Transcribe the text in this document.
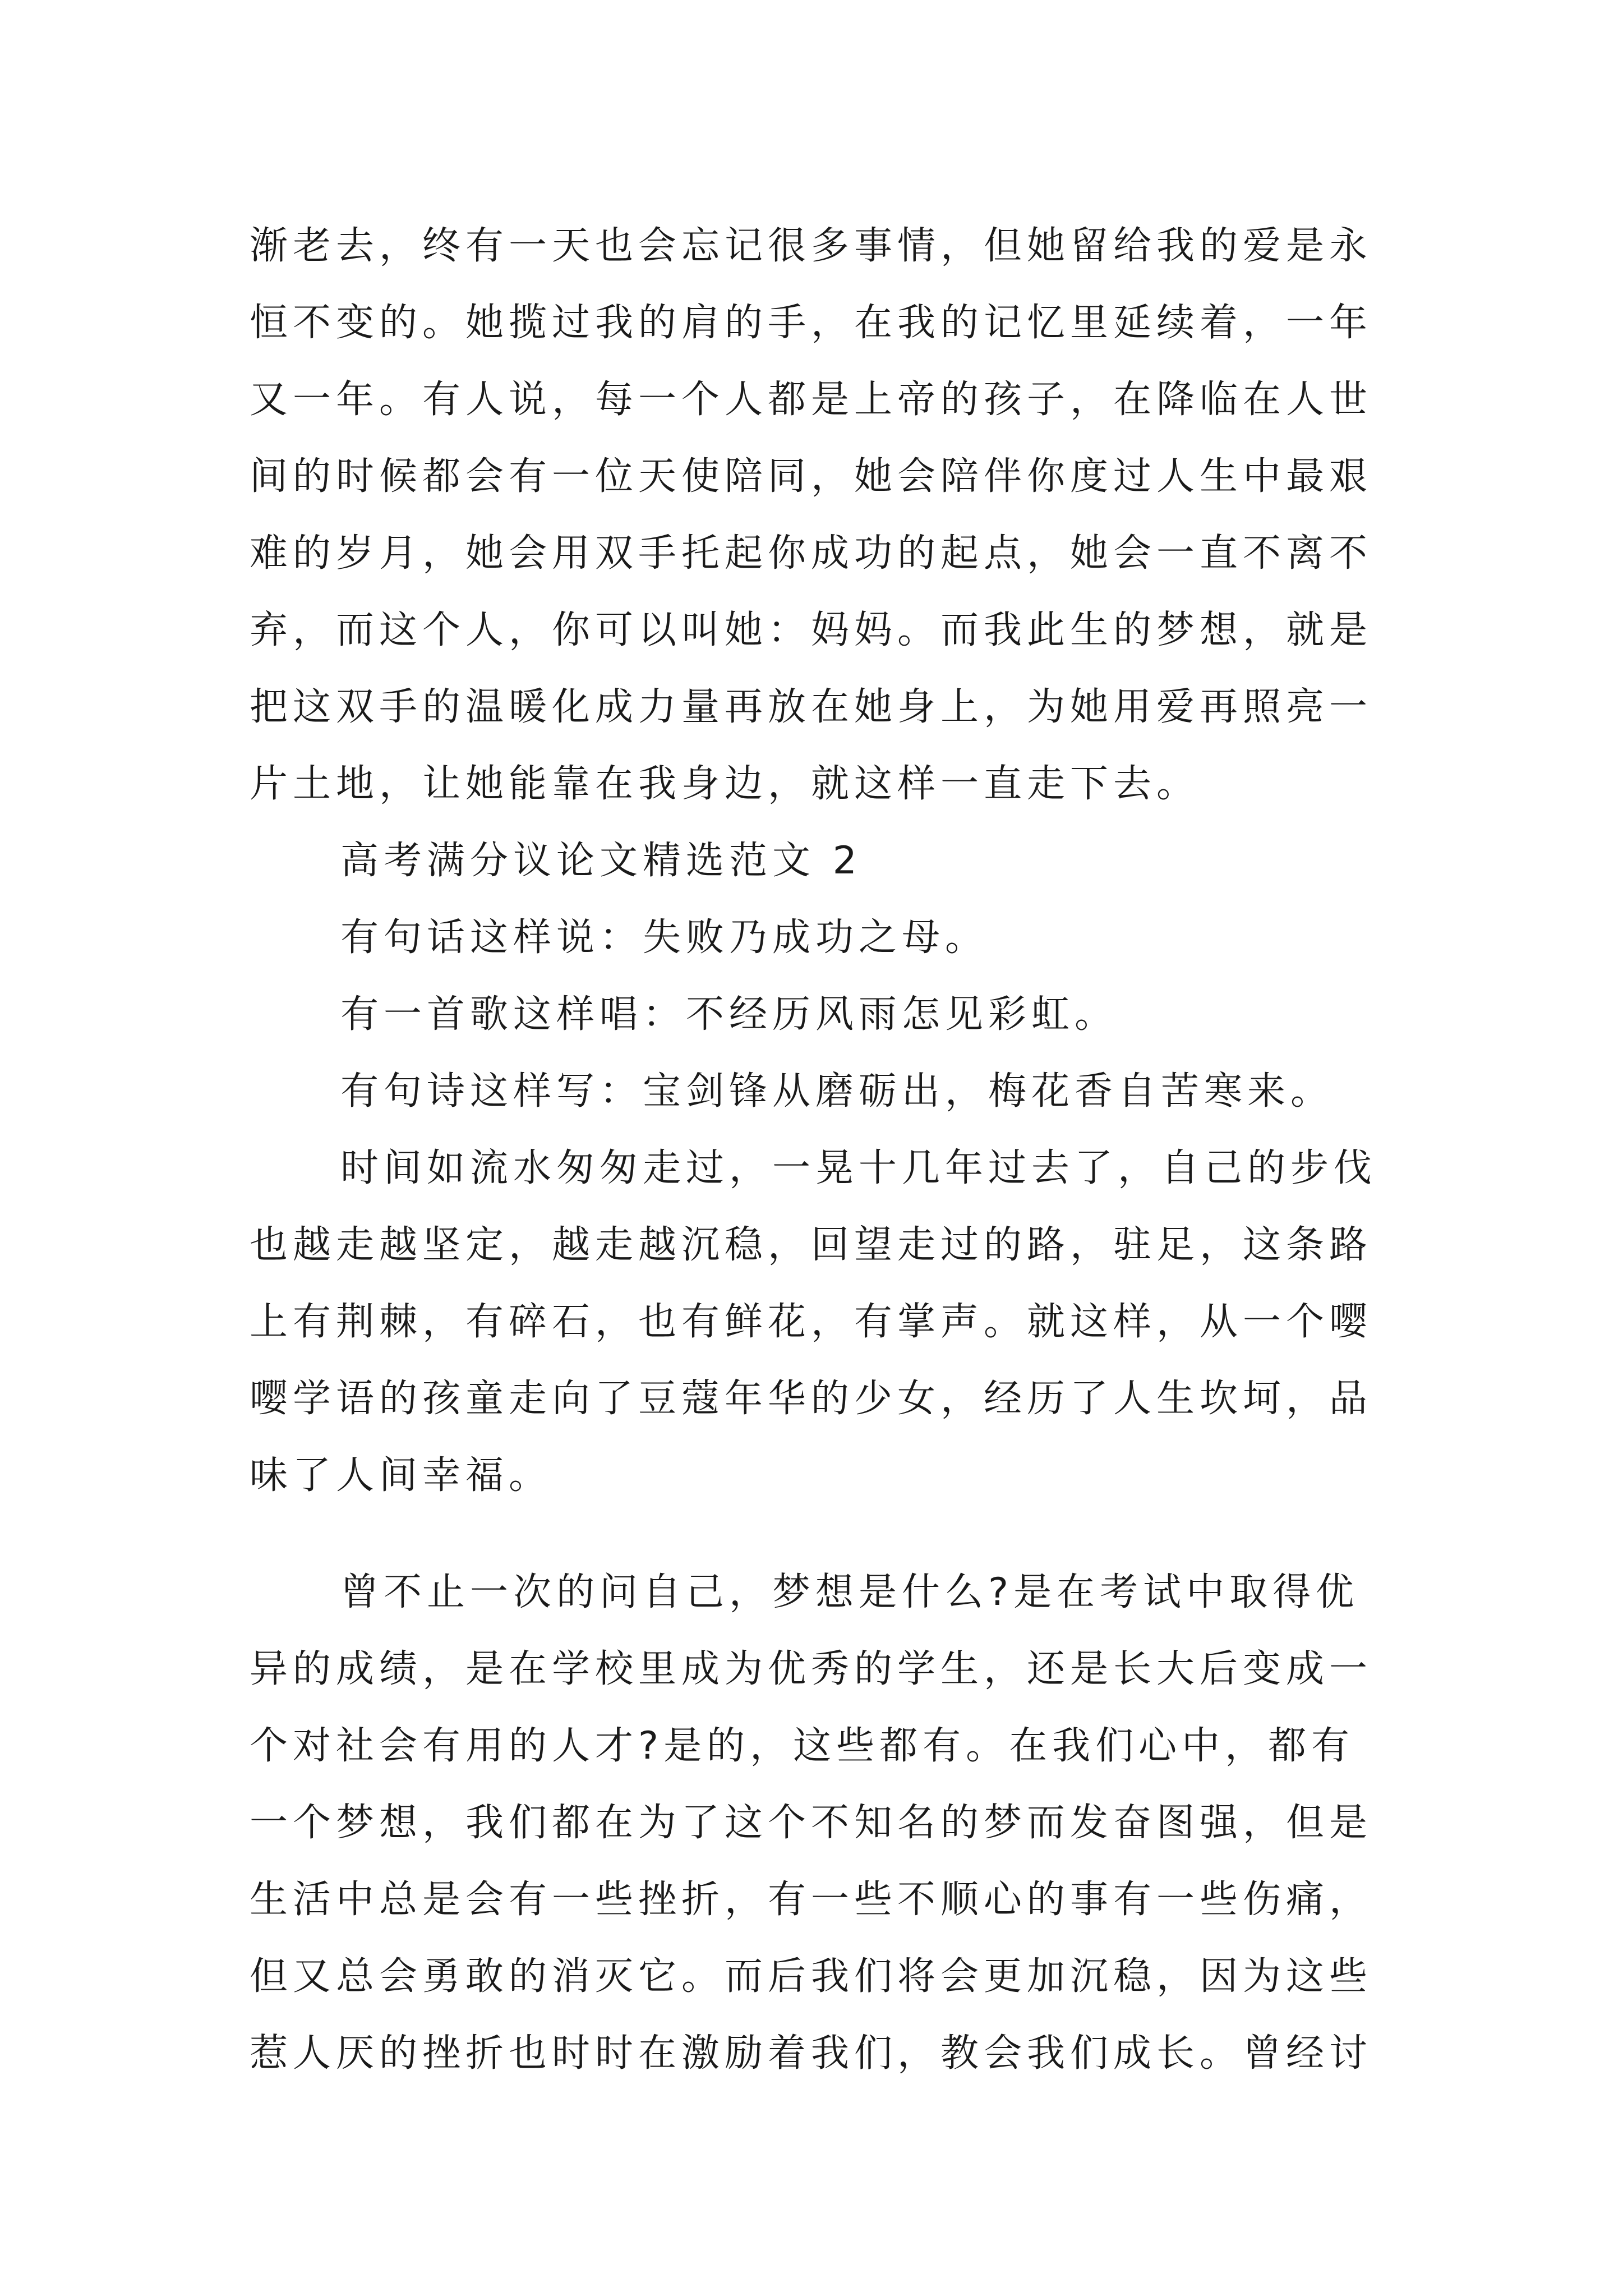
渐老去，终有一天也会忘记很多事情，但她留给我的爱是永
恒不变的。她揽过我的肩的手，在我的记忆里延续着，一年
又一年。有人说，每一个人都是上帝的孩子，在降临在人世
间的时候都会有一位天使陪同，她会陪伴你度过人生中最艰
难的岁月，她会用双手托起你成功的起点，她会一直不离不
弃，而这个人，你可以叫她：妈妈。而我此生的梦想，就是
把这双手的温暖化成力量再放在她身上，为她用爱再照亮一
片土地，让她能靠在我身边，就这样一直走下去。
高考满分议论文精选范文 2
有句话这样说：失败乃成功之母。
有一首歌这样唱：不经历风雨怎见彩虹。
有句诗这样写：宝剑锋从磨砺出，梅花香自苦寒来。
时间如流水匆匆走过，一晃十几年过去了，自己的步伐
也越走越坚定，越走越沉稳，回望走过的路，驻足，这条路
上有荆棘，有碎石，也有鲜花，有掌声。就这样，从一个嘤
嘤学语的孩童走向了豆蔻年华的少女，经历了人生坎坷，品
味了人间幸福。
曾不止一次的问自己，梦想是什么?是在考试中取得优
异的成绩，是在学校里成为优秀的学生，还是长大后变成一
个对社会有用的人才?是的，这些都有。在我们心中，都有
一个梦想，我们都在为了这个不知名的梦而发奋图强，但是
生活中总是会有一些挫折，有一些不顺心的事有一些伤痛，
但又总会勇敢的消灭它。而后我们将会更加沉稳，因为这些
惹人厌的挫折也时时在激励着我们，教会我们成长。曾经讨
